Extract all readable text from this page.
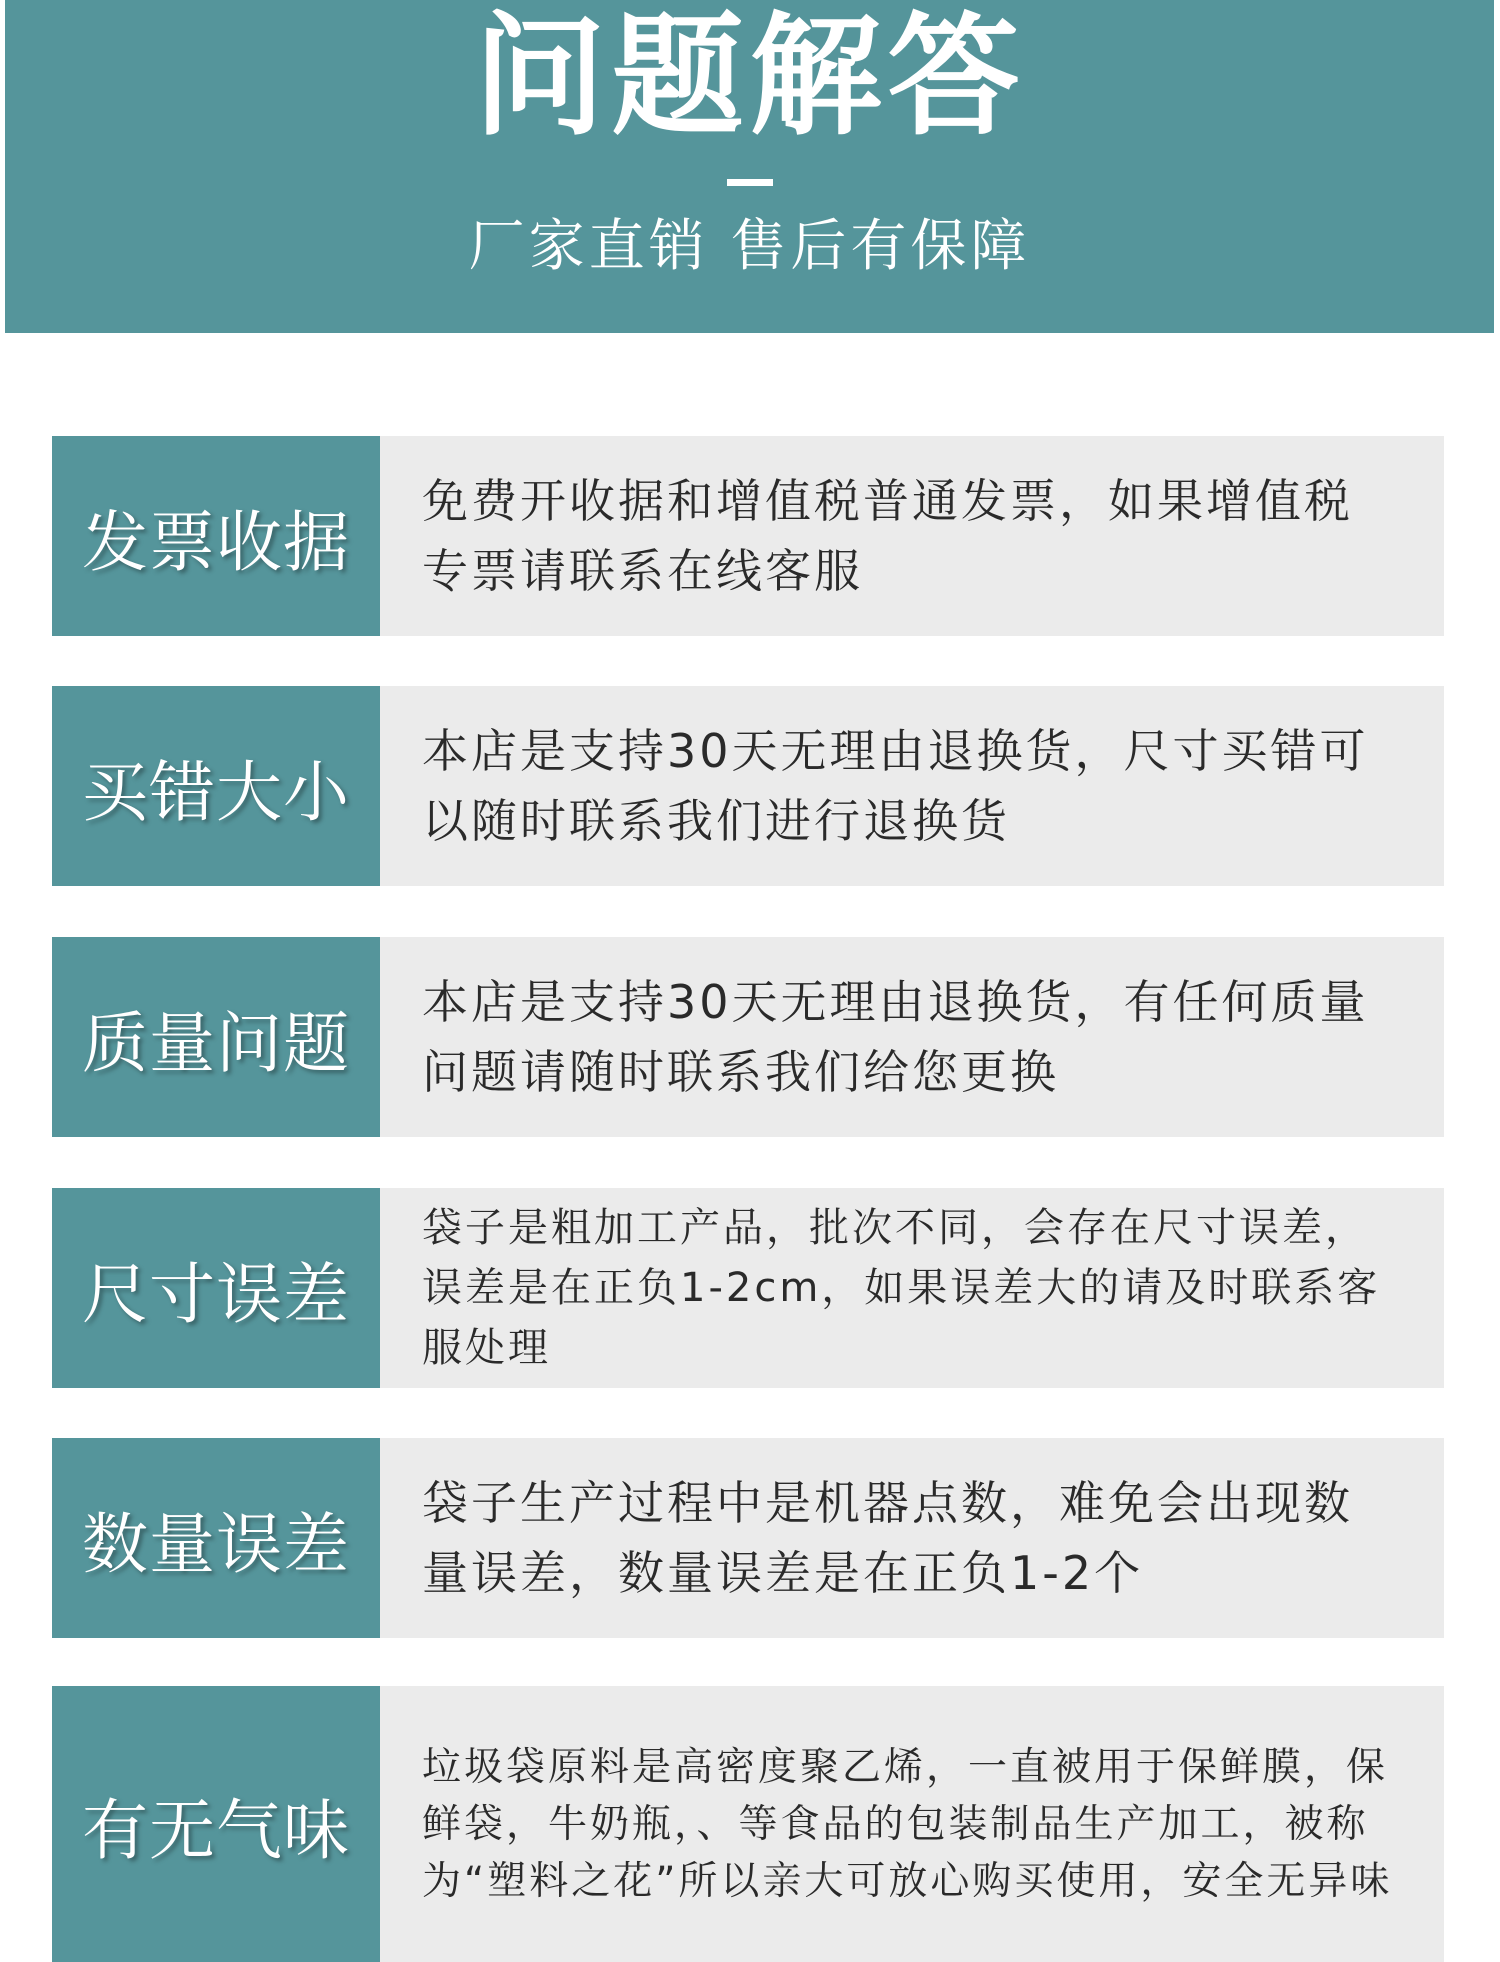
问题解答
厂家直销 售后有保障
发票收据
免费开收据和增值税普通发票，如果增值税专票请联系在线客服
买错大小
本店是支持30天无理由退换货，尺寸买错可以随时联系我们进行退换货
质量问题
本店是支持30天无理由退换货，有任何质量问题请随时联系我们给您更换
尺寸误差
袋子是粗加工产品，批次不同，会存在尺寸误差，误差是在正负1-2cm，如果误差大的请及时联系客服处理
数量误差
袋子生产过程中是机器点数，难免会出现数量误差，数量误差是在正负1-2个
有无气味
垃圾袋原料是高密度聚乙烯，一直被用于保鲜膜，保鲜袋，牛奶瓶，、等食品的包装制品生产加工，被称为“塑料之花”所以亲大可放心购买使用，安全无异味
